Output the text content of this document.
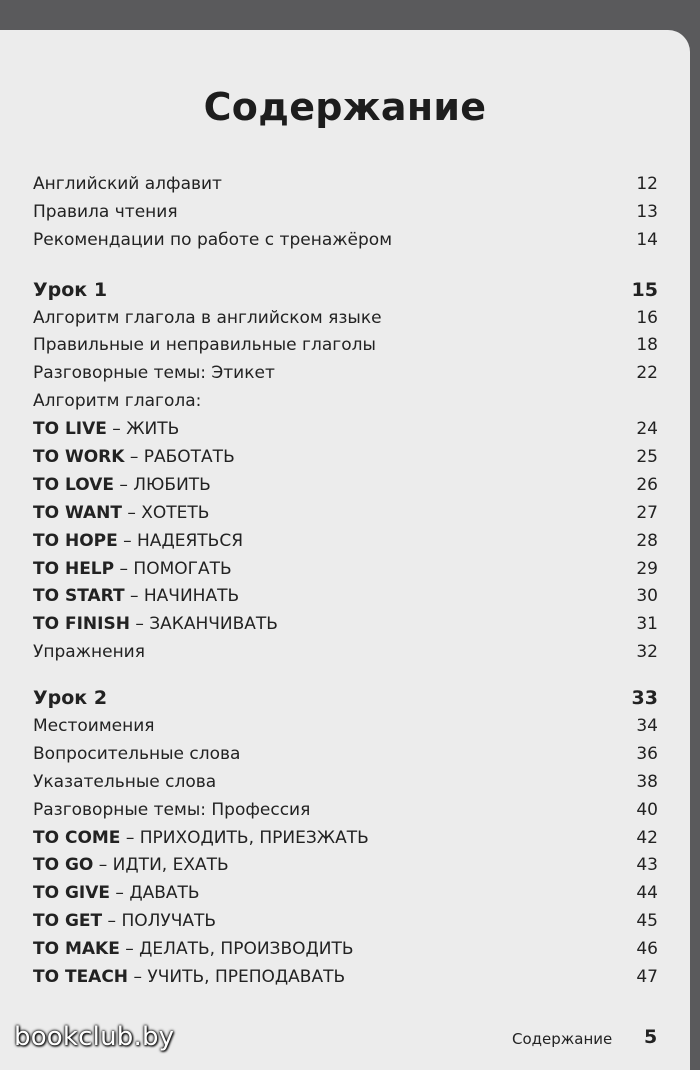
Содержание
Английский алфавит	12
Правила чтения	13
Рекомендации по работе с тренажёром	14
Урок 1	15
Алгоритм глагола в английском языке	16
Правильные и неправильные глаголы	18
Разговорные темы: Этикет	22
Алгоритм глагола:
TO LIVE – ЖИТЬ	24
TO WORK – РАБОТАТЬ	25
TO LOVE – ЛЮБИТЬ	26
TO WANT – ХОТЕТЬ	27
TO HOPE – НАДЕЯТЬСЯ	28
TO HELP – ПОМОГАТЬ	29
TO START – НАЧИНАТЬ	30
TO FINISH – ЗАКАНЧИВАТЬ	31
Упражнения	32
Урок 2	33
Местоимения	34
Вопросительные слова	36
Указательные слова	38
Разговорные темы: Профессия	40
TO COME – ПРИХОДИТЬ, ПРИЕЗЖАТЬ	42
TO GO – ИДТИ, ЕХАТЬ	43
TO GIVE – ДАВАТЬ	44
TO GET – ПОЛУЧАТЬ	45
TO MAKE – ДЕЛАТЬ, ПРОИЗВОДИТЬ	46
TO TEACH – УЧИТЬ, ПРЕПОДАВАТЬ	47
bookclub.by	Содержание 5
